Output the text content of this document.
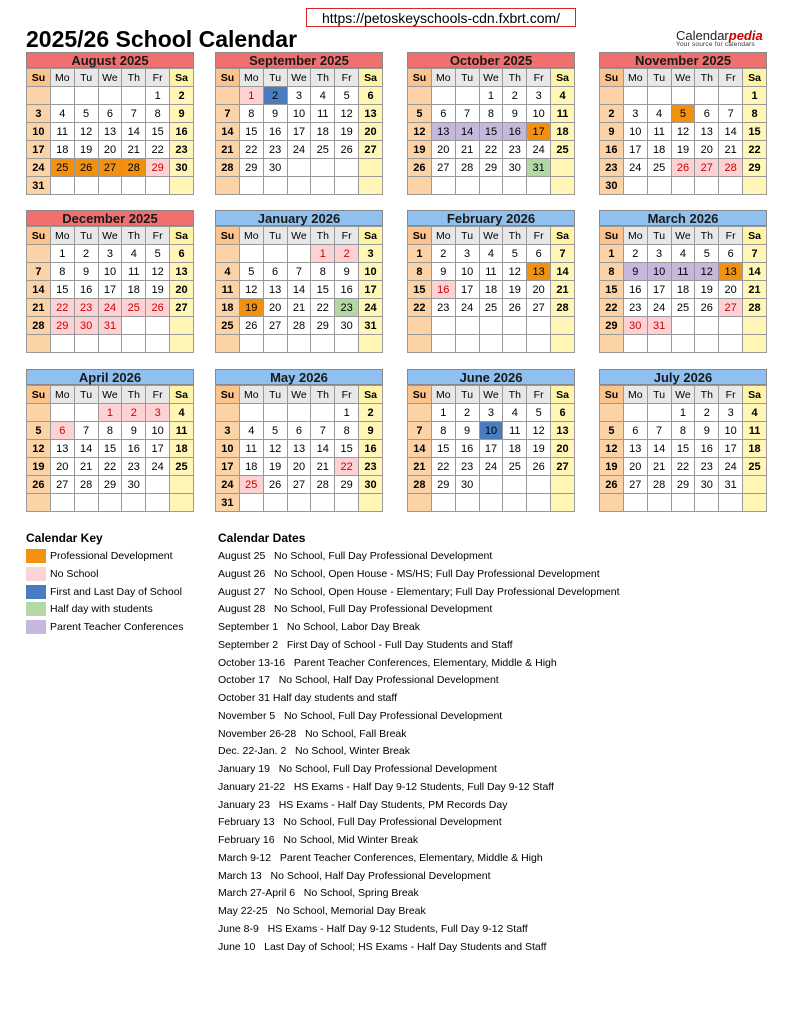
https://petoskeyschools-cdn.fxbrt.com/
2025/26 School Calendar	Calendarpedia
Your source for calendars
August 2025
Su	Mo	Tu	We	Th	Fr	Sa
					1	2
3	4	5	6	7	8	9
10	11	12	13	14	15	16
17	18	19	20	21	22	23
24	25	26	27	28	29	30
31						
September 2025
Su	Mo	Tu	We	Th	Fr	Sa
	1	2	3	4	5	6
7	8	9	10	11	12	13
14	15	16	17	18	19	20
21	22	23	24	25	26	27
28	29	30				

October 2025
Su	Mo	Tu	We	Th	Fr	Sa
			1	2	3	4
5	6	7	8	9	10	11
12	13	14	15	16	17	18
19	20	21	22	23	24	25
26	27	28	29	30	31	

November 2025
Su	Mo	Tu	We	Th	Fr	Sa
						1
2	3	4	5	6	7	8
9	10	11	12	13	14	15
16	17	18	19	20	21	22
23	24	25	26	27	28	29
30						
December 2025
Su	Mo	Tu	We	Th	Fr	Sa
	1	2	3	4	5	6
7	8	9	10	11	12	13
14	15	16	17	18	19	20
21	22	23	24	25	26	27
28	29	30	31			

January 2026
Su	Mo	Tu	We	Th	Fr	Sa
				1	2	3
4	5	6	7	8	9	10
11	12	13	14	15	16	17
18	19	20	21	22	23	24
25	26	27	28	29	30	31

February 2026
Su	Mo	Tu	We	Th	Fr	Sa
1	2	3	4	5	6	7
8	9	10	11	12	13	14
15	16	17	18	19	20	21
22	23	24	25	26	27	28

March 2026
Su	Mo	Tu	We	Th	Fr	Sa
1	2	3	4	5	6	7
8	9	10	11	12	13	14
15	16	17	18	19	20	21
22	23	24	25	26	27	28
29	30	31				

April 2026
Su	Mo	Tu	We	Th	Fr	Sa
			1	2	3	4
5	6	7	8	9	10	11
12	13	14	15	16	17	18
19	20	21	22	23	24	25
26	27	28	29	30		

May 2026
Su	Mo	Tu	We	Th	Fr	Sa
					1	2
3	4	5	6	7	8	9
10	11	12	13	14	15	16
17	18	19	20	21	22	23
24	25	26	27	28	29	30
31						
June 2026
Su	Mo	Tu	We	Th	Fr	Sa
	1	2	3	4	5	6
7	8	9	10	11	12	13
14	15	16	17	18	19	20
21	22	23	24	25	26	27
28	29	30				

July 2026
Su	Mo	Tu	We	Th	Fr	Sa
			1	2	3	4
5	6	7	8	9	10	11
12	13	14	15	16	17	18
19	20	21	22	23	24	25
26	27	28	29	30	31	

Calendar Key
Professional Development
No School
First and Last Day of School
Half day with students
Parent Teacher Conferences
Calendar Dates
August 25   No School, Full Day Professional Development
August 26   No School, Open House - MS/HS; Full Day Professional Development
August 27   No School, Open House - Elementary; Full Day Professional Development
August 28   No School, Full Day Professional Development
September 1   No School, Labor Day Break
September 2   First Day of School - Full Day Students and Staff
October 13-16   Parent Teacher Conferences, Elementary, Middle & High
October 17   No School, Half Day Professional Development
October 31 Half day students and staff
November 5   No School, Full Day Professional Development
November 26-28   No School, Fall Break
Dec. 22-Jan. 2   No School, Winter Break
January 19   No School, Full Day Professional Development
January 21-22   HS Exams - Half Day 9-12 Students, Full Day 9-12 Staff
January 23   HS Exams - Half Day Students, PM Records Day
February 13   No School, Full Day Professional Development
February 16   No School, Mid Winter Break
March 9-12   Parent Teacher Conferences, Elementary, Middle & High
March 13   No School, Half Day Professional Development
March 27-April 6   No School, Spring Break
May 22-25   No School, Memorial Day Break
June 8-9   HS Exams - Half Day 9-12 Students, Full Day 9-12 Staff
June 10   Last Day of School; HS Exams - Half Day Students and Staff
